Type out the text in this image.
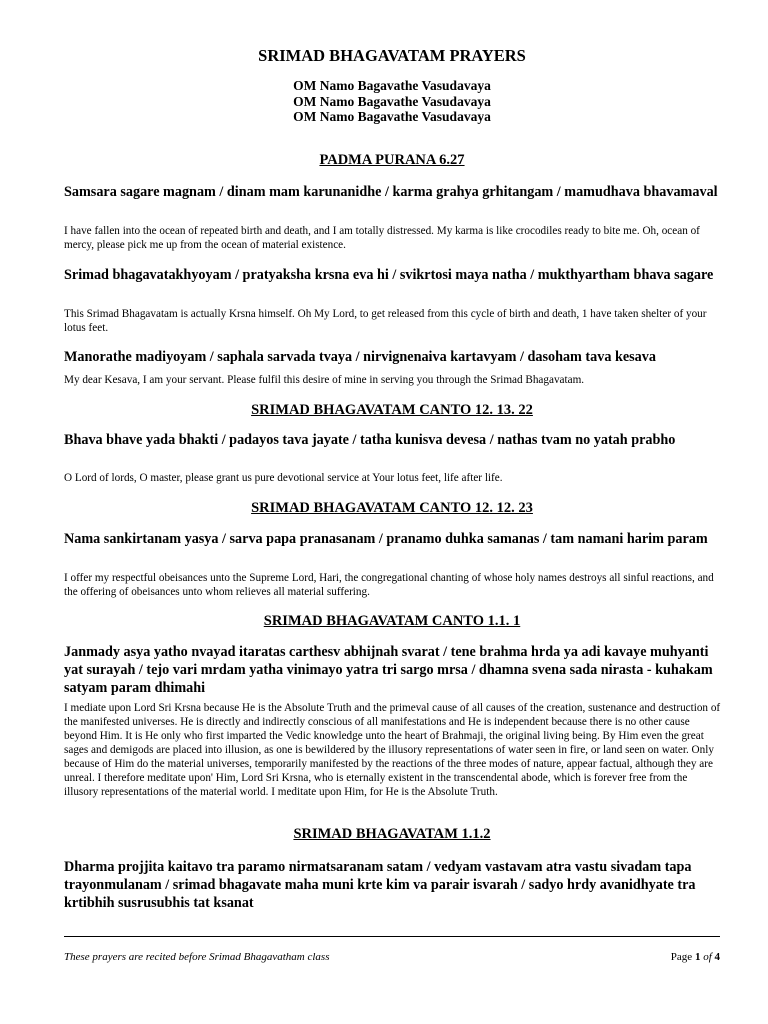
SRIMAD BHAGAVATAM PRAYERS
OM Namo Bagavathe Vasudavaya
OM Namo Bagavathe Vasudavaya
OM Namo Bagavathe Vasudavaya
PADMA PURANA 6.27

Samsara sagare magnam / dinam mam karunanidhe / karma grahya grhitangam / mamudhava bhavamaval

I have fallen into the ocean of repeated birth and death, and I am totally distressed. My karma is like crocodiles ready to bite me. Oh, ocean of mercy, please pick me up from the ocean of material existence.

Srimad bhagavatakhyoyam / pratyaksha krsna eva hi / svikrtosi maya natha / mukthyartham bhava sagare

This Srimad Bhagavatam is actually Krsna himself. Oh My Lord, to get released from this cycle of birth and death, 1 have taken shelter of your lotus feet.

Manorathe madiyoyam / saphala sarvada tvaya / nirvignenaiva kartavyam / dasoham tava kesava

My dear Kesava, I am your servant. Please fulfil this desire of mine in serving you through the Srimad Bhagavatam.

SRIMAD BHAGAVATAM CANTO 12. 13. 22

Bhava bhave yada bhakti / padayos tava jayate / tatha kunisva devesa / nathas tvam no yatah prabho

O Lord of lords, O master, please grant us pure devotional service at Your lotus feet, life after life.

SRIMAD BHAGAVATAM CANTO 12. 12. 23

Nama sankirtanam yasya / sarva papa pranasanam / pranamo duhka samanas / tam namani harim param

I offer my respectful obeisances unto the Supreme Lord, Hari, the congregational chanting of whose holy names destroys all sinful reactions, and the offering of obeisances unto whom relieves all material suffering.

SRIMAD BHAGAVATAM CANTO 1.1. 1

Janmady asya yatho nvayad itaratas carthesv abhijnah svarat / tene brahma hrda ya adi kavaye muhyanti yat surayah / tejo vari mrdam yatha vinimayo yatra tri sargo mrsa / dhamna svena sada nirasta - kuhakam satyam param dhimahi

I mediate upon Lord Sri Krsna because He is the Absolute Truth and the primeval cause of all causes of the creation, sustenance and destruction of the manifested universes. He is directly and indirectly conscious of all manifestations and He is independent because there is no other cause beyond Him. It is He only who first imparted the Vedic knowledge unto the heart of Brahmaji, the original living being. By Him even the great sages and demigods are placed into illusion, as one is bewildered by the illusory representations of water seen in fire, or land seen on water. Only because of Him do the material universes, temporarily manifested by the reactions of the three modes of nature, appear factual, although they are unreal. I therefore meditate upon' Him, Lord Sri Krsna, who is eternally existent in the transcendental abode, which is forever free from the illusory representations of the material world. I meditate upon Him, for He is the Absolute Truth.

SRIMAD BHAGAVATAM 1.1.2

Dharma projjita kaitavo tra paramo nirmatsaranam satam / vedyam vastavam atra vastu sivadam tapa trayonmulanam / srimad bhagavate maha muni krte kim va parair isvarah / sadyo hrdy avanidhyate tra krtibhih susrusubhis tat ksanat

These prayers are recited before Srimad Bhagavatham class	Page 1 of 4
